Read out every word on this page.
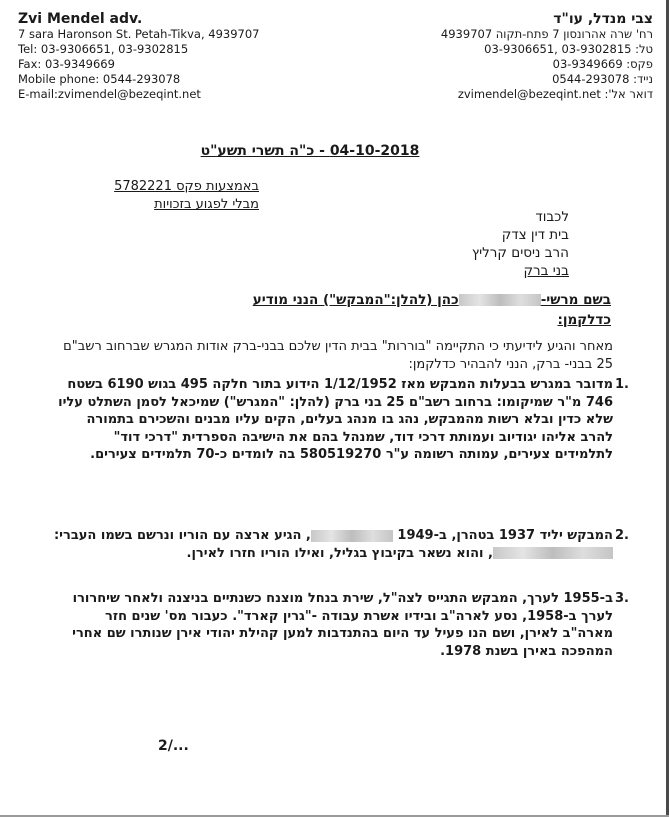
Zvi Mendel adv.
7 sara Haronson St. Petah-Tikva, 4939707
Tel: 03-9306651, 03-9302815
Fax: 03-9349669
Mobile phone: 0544-293078
E-mail:zvimendel@bezeqint.net
צבי מנדל, עו"ד
רח' שרה אהרונסון 7 פתח-תקוה 4939707
טל: 03-9302815 ,03-9306651
פקס: 03-9349669
נייד: 0544-293078
דואר אל': zvimendel@bezeqint.net
04-10-2018 - כ"ה תשרי תשע"ט
באמצעות פקס 5782221
מבלי לפגוע בזכויות
לכבוד
בית דין צדק
הרב ניסים קרליץ
בני ברק
בשם מרשי-כהן (להלן:"המבקש") הנני מודיע
כדלקמן:
מאחר והגיע לידיעתי כי התקיימה "בוררות" בבית הדין שלכם בבני-ברק אודות המגרש שברחוב רשב"ם 25 בבני- ברק, הנני להבהיר כדלקמן:
.1
מדובר במגרש בבעלות המבקש מאז 1/12/1952 הידוע בתור חלקה 495 בגוש 6190 בשטח 746 מ"ר שמיקומו: ברחוב רשב"ם 25 בני ברק (להלן: "המגרש") שמיכאל לסמן השתלט עליו שלא כדין ובלא רשות מהמבקש, נהג בו מנהג בעלים, הקים עליו מבנים והשכירם בתמורה להרב אליהו יגודיוב ועמותת דרכי דוד, שמנהל בהם את הישיבה הספרדית "דרכי דוד" לתלמידים צעירים, עמותה רשומה ע"ר 580519270 בה לומדים כ-70 תלמידים צעירים.
.2
המבקש יליד 1937 בטהרן, ב-1949 , הגיע ארצה עם הוריו ונרשם בשמו העברי: , והוא נשאר בקיבוץ בגליל, ואילו הוריו חזרו לאירן.
.3
ב-1955 לערך, המבקש התגייס לצה"ל, שירת בנחל מוצנח כשנתיים בניצנה ולאחר שיחרורו לערך ב-1958, נסע לארה"ב ובידיו אשרת עבודה -"גרין קארד". כעבור מס' שנים חזר מארה"ב לאירן, ושם הנו פעיל עד היום בהתנדבות למען קהילת יהודי אירן שנותרו שם אחרי המהפכה באירן בשנת 1978.
2/...
